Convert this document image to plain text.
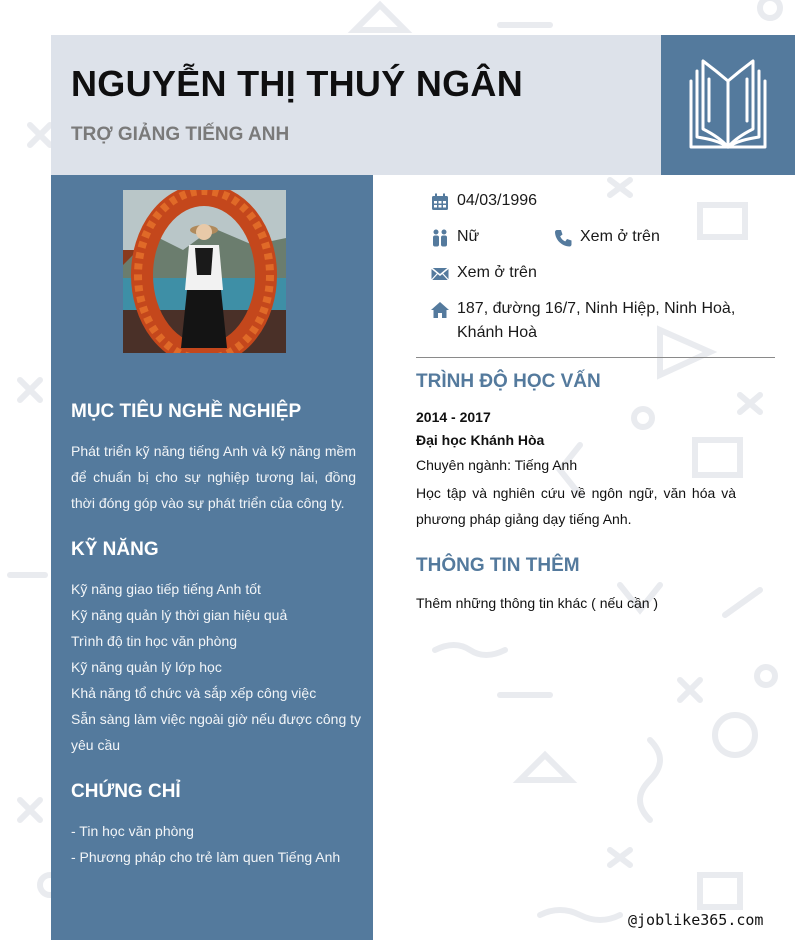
NGUYỄN THỊ THUÝ NGÂN
TRỢ GIẢNG TIẾNG ANH
MỤC TIÊU NGHỀ NGHIỆP

Phát triển kỹ năng tiếng Anh và kỹ năng mềm để chuẩn bị cho sự nghiệp tương lai, đồng thời đóng góp vào sự phát triển của công ty.

KỸ NĂNG
Kỹ năng giao tiếp tiếng Anh tốt
Kỹ năng quản lý thời gian hiệu quả
Trình độ tin học văn phòng
Kỹ năng quản lý lớp học
Khả năng tổ chức và sắp xếp công việc
Sẵn sàng làm việc ngoài giờ nếu được công ty yêu cầu
CHỨNG CHỈ
- Tin học văn phòng
- Phương pháp cho trẻ làm quen Tiếng Anh
04/03/1996
Nữ	Xem ở trên
Xem ở trên
187, đường 16/7, Ninh Hiệp, Ninh Hoà, Khánh Hoà
TRÌNH ĐỘ HỌC VẤN
2014 - 2017
Đại học Khánh Hòa
Chuyên ngành: Tiếng Anh

Học tập và nghiên cứu về ngôn ngữ, văn hóa và phương pháp giảng dạy tiếng Anh.

THÔNG TIN THÊM
Thêm những thông tin khác ( nếu cần )
@joblike365.com
